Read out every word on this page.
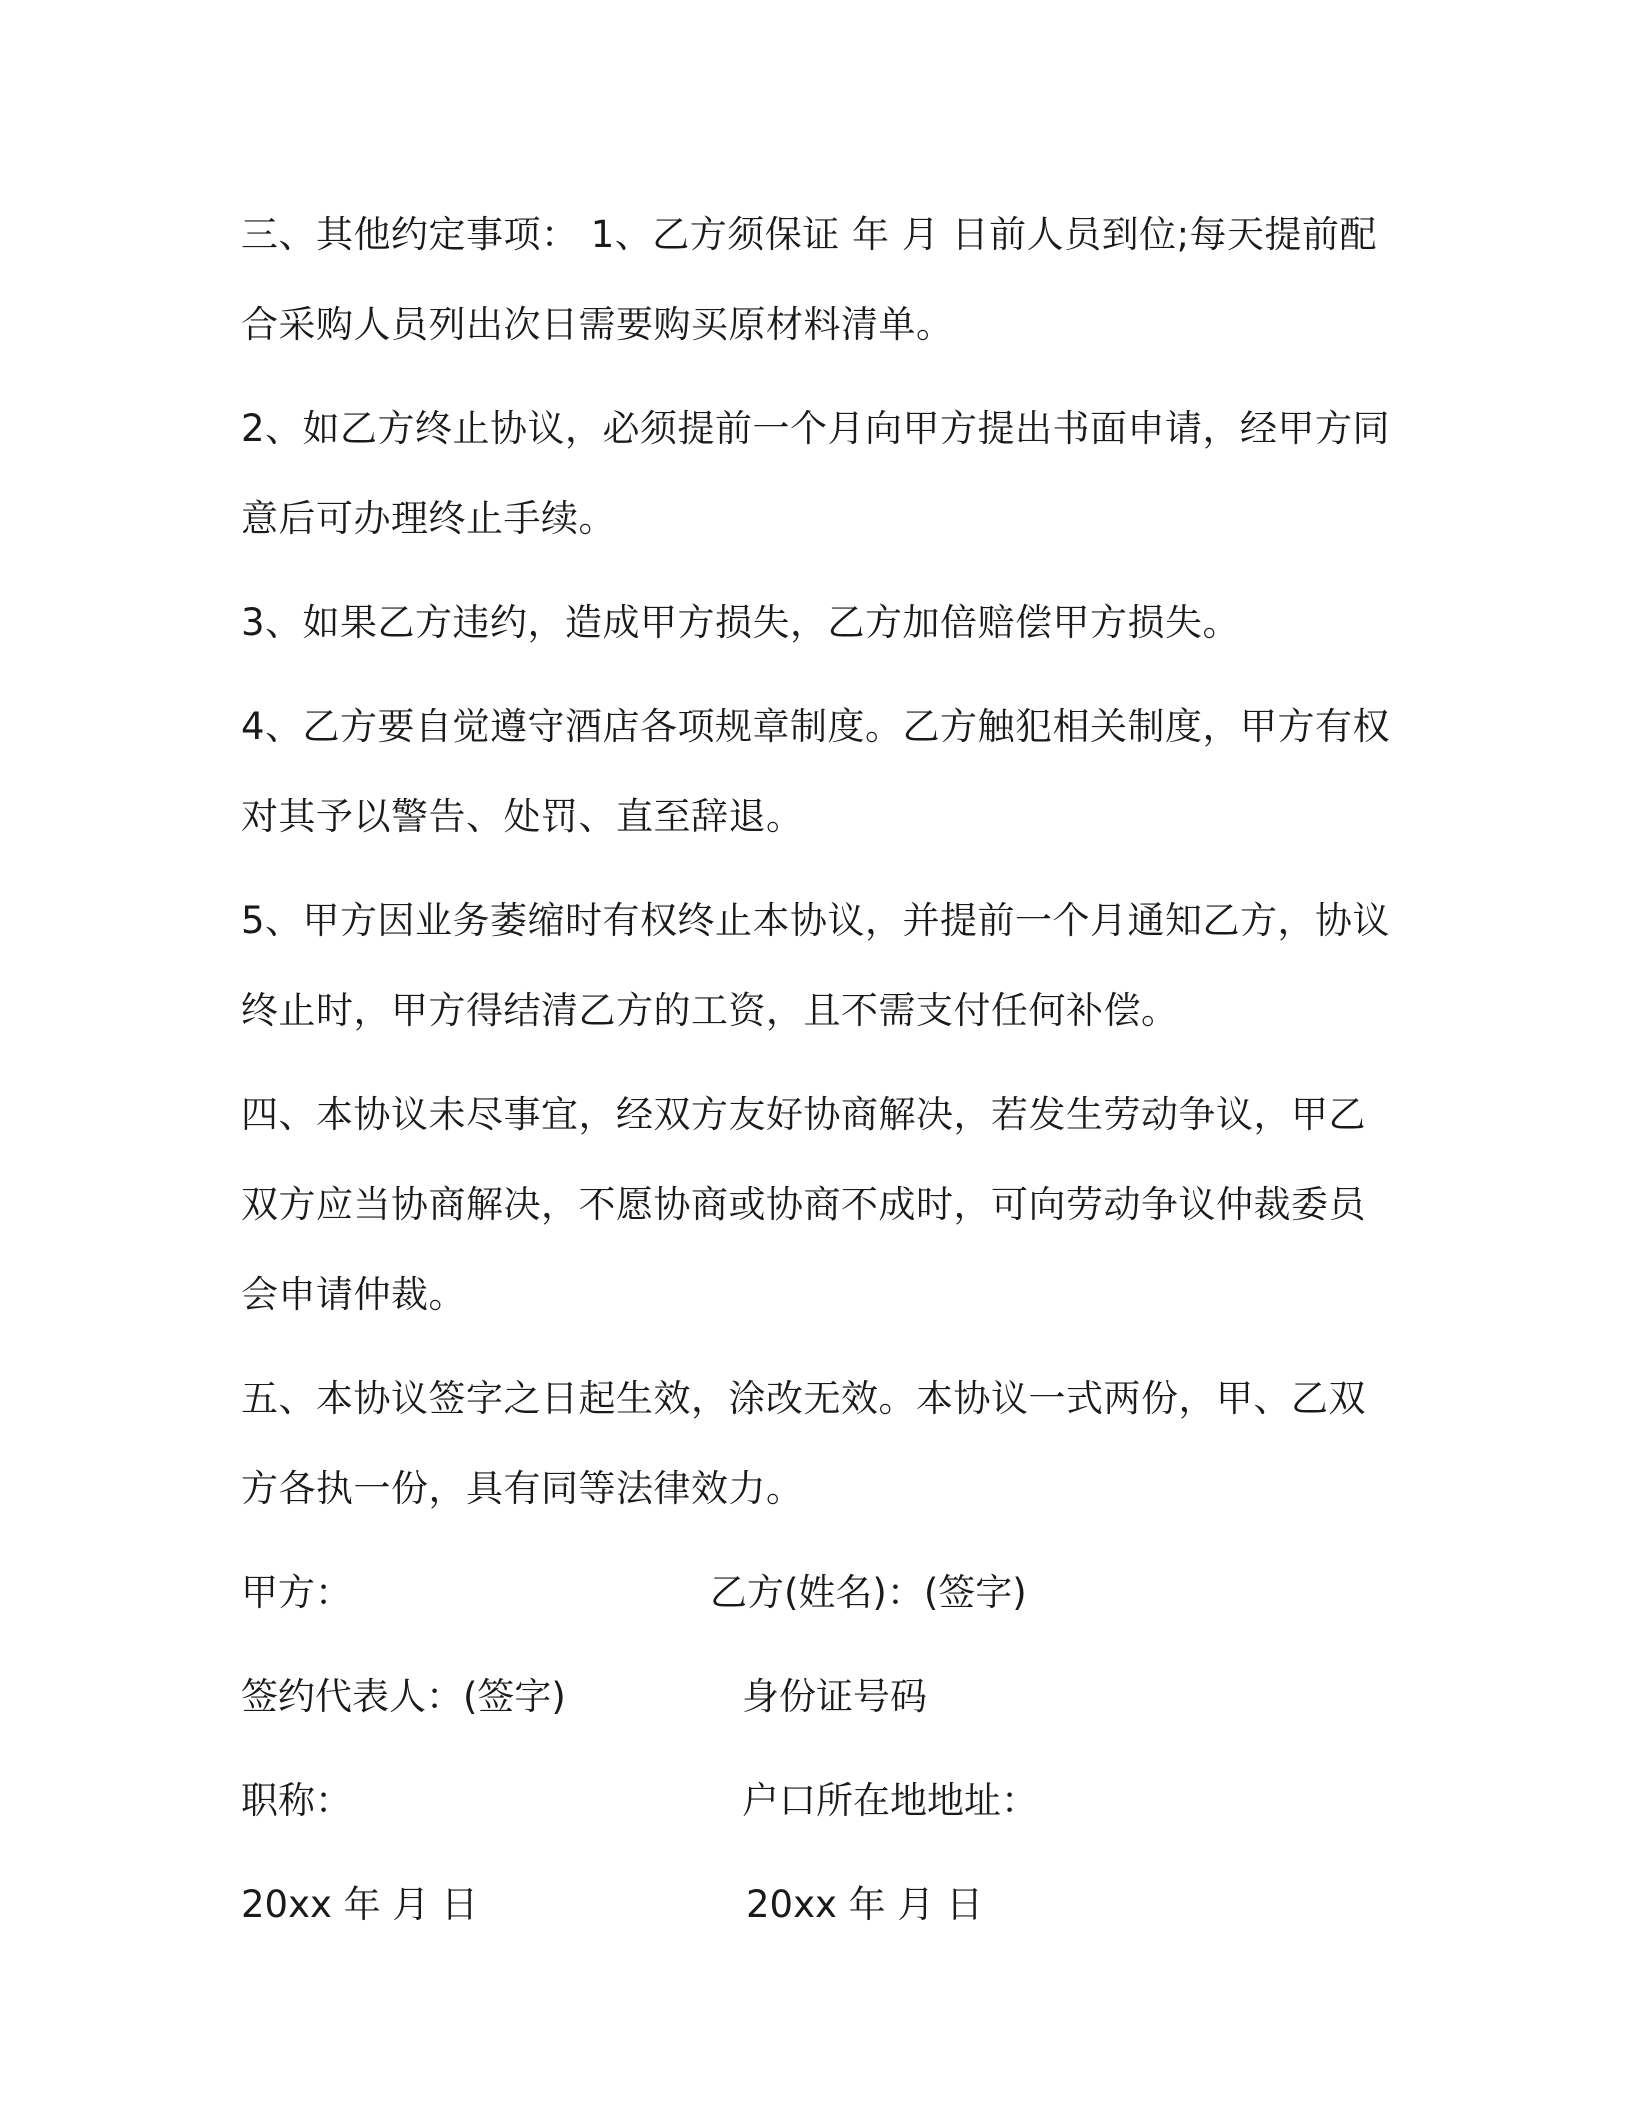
三、其他约定事项： 1、乙方须保证 年 月 日前人员到位;每天提前配合采购人员列出次日需要购买原材料清单。

2、如乙方终止协议，必须提前一个月向甲方提出书面申请，经甲方同意后可办理终止手续。

3、如果乙方违约，造成甲方损失，乙方加倍赔偿甲方损失。

4、乙方要自觉遵守酒店各项规章制度。乙方触犯相关制度，甲方有权对其予以警告、处罚、直至辞退。

5、甲方因业务萎缩时有权终止本协议，并提前一个月通知乙方，协议终止时，甲方得结清乙方的工资，且不需支付任何补偿。

四、本协议未尽事宜，经双方友好协商解决，若发生劳动争议，甲乙双方应当协商解决，不愿协商或协商不成时，可向劳动争议仲裁委员会申请仲裁。

五、本协议签字之日起生效，涂改无效。本协议一式两份，甲、乙双方各执一份，具有同等法律效力。

甲方：	乙方(姓名)：(签字)
签约代表人：(签字)	身份证号码
职称：	户口所在地地址：
20xx 年 月 日	20xx 年 月 日
